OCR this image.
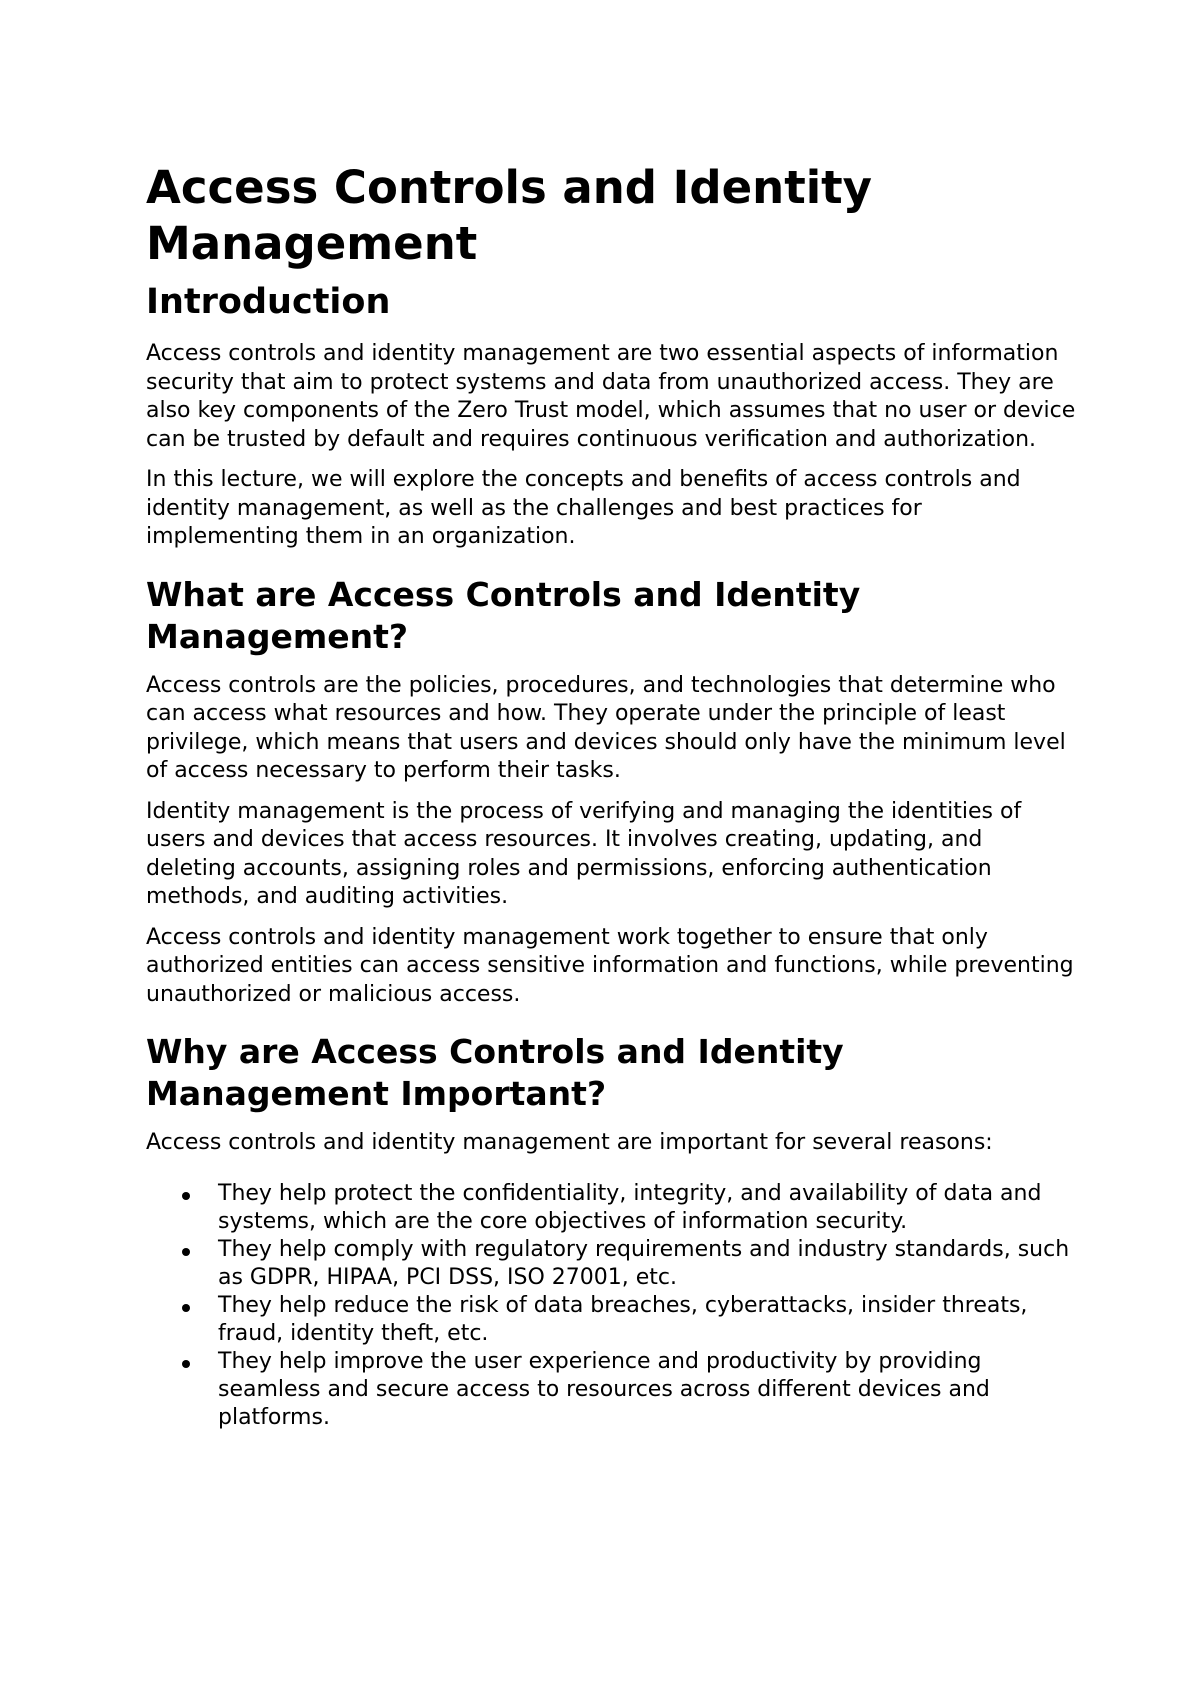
Access Controls and Identity Management
Introduction

Access controls and identity management are two essential aspects of information security that aim to protect systems and data from unauthorized access. They are also key components of the Zero Trust model, which assumes that no user or device can be trusted by default and requires continuous verification and authorization.

In this lecture, we will explore the concepts and benefits of access controls and identity management, as well as the challenges and best practices for implementing them in an organization.

What are Access Controls and Identity Management?

Access controls are the policies, procedures, and technologies that determine who can access what resources and how. They operate under the principle of least privilege, which means that users and devices should only have the minimum level of access necessary to perform their tasks.

Identity management is the process of verifying and managing the identities of users and devices that access resources. It involves creating, updating, and deleting accounts, assigning roles and permissions, enforcing authentication methods, and auditing activities.

Access controls and identity management work together to ensure that only authorized entities can access sensitive information and functions, while preventing unauthorized or malicious access.

Why are Access Controls and Identity Management Important?

Access controls and identity management are important for several reasons:

They help protect the confidentiality, integrity, and availability of data and systems, which are the core objectives of information security.
They help comply with regulatory requirements and industry standards, such as GDPR, HIPAA, PCI DSS, ISO 27001, etc.
They help reduce the risk of data breaches, cyberattacks, insider threats, fraud, identity theft, etc.
They help improve the user experience and productivity by providing seamless and secure access to resources across different devices and platforms.
